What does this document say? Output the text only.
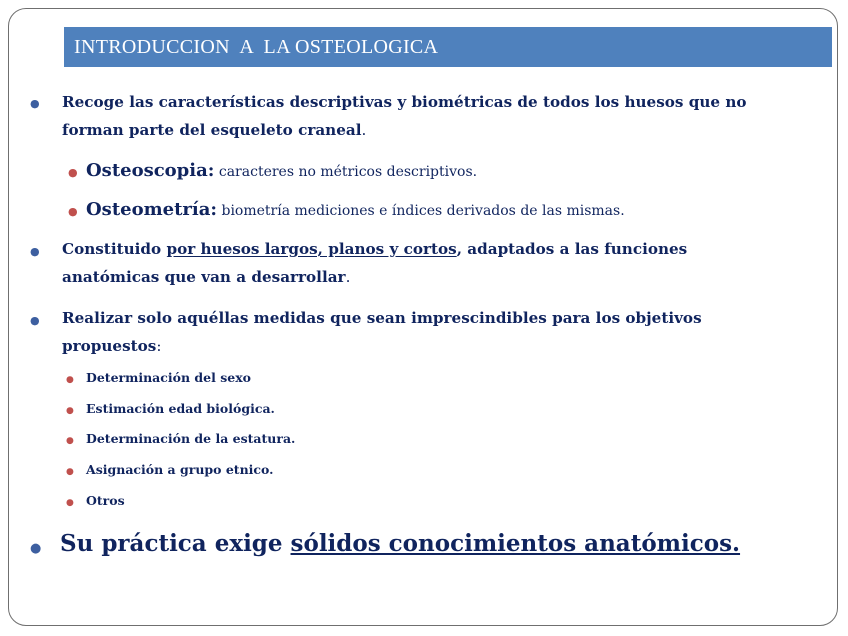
INTRODUCCION  A  LA OSTEOLOGICA
● Recoge las características descriptivas y biométricas de todos los huesos que no
forman parte del esqueleto craneal.
● Osteoscopia: caracteres no métricos descriptivos.
● Osteometría: biometría mediciones e índices derivados de las mismas.
● Constituido por huesos largos, planos y cortos, adaptados a las funciones
anatómicas que van a desarrollar.
● Realizar solo aquéllas medidas que sean imprescindibles para los objetivos
propuestos:
● Determinación del sexo
● Estimación edad biológica.
● Determinación de la estatura.
● Asignación a grupo etnico.
● Otros
● Su práctica exige sólidos conocimientos anatómicos.
